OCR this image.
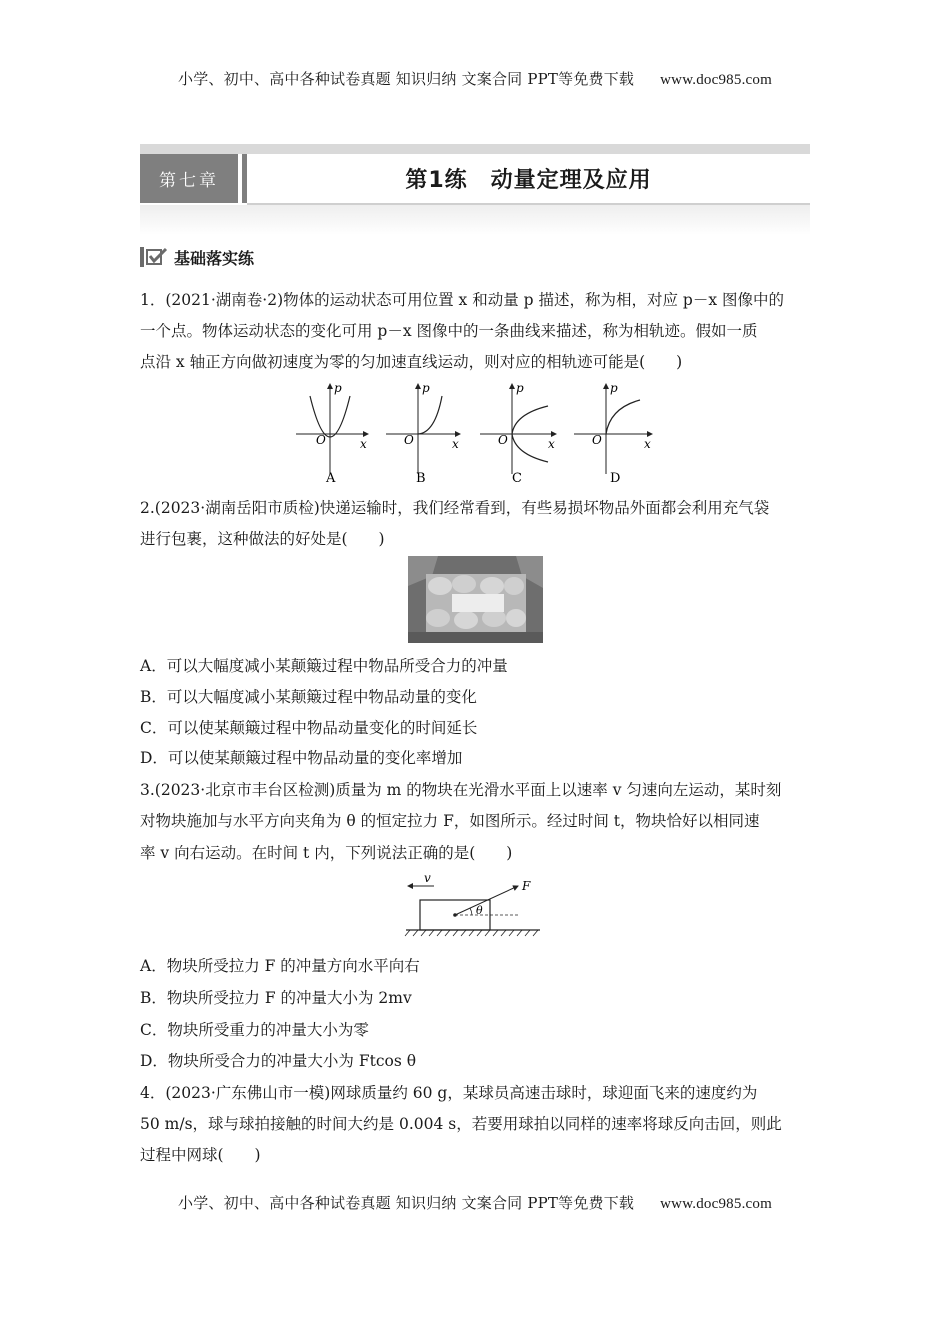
小学、初中、高中各种试卷真题 知识归纳 文案合同 PPT等免费下载 www.doc985.com
第七章	第1练　动量定理及应用
基础落实练
1．(2021·湖南卷·2)物体的运动状态可用位置 x 和动量 p 描述，称为相，对应 p－x 图像中的
一个点。物体运动状态的变化可用 p－x 图像中的一条曲线来描述，称为相轨迹。假如一质
点沿 x 轴正方向做初速度为零的匀加速直线运动，则对应的相轨迹可能是(　　)
O
p
x
A
O
p
x
B
O
p
x
C
O
p
x
D
2.(2023·湖南岳阳市质检)快递运输时，我们经常看到，有些易损坏物品外面都会利用充气袋
进行包裹，这种做法的好处是(　　)
A．可以大幅度减小某颠簸过程中物品所受合力的冲量
B．可以大幅度减小某颠簸过程中物品动量的变化
C．可以使某颠簸过程中物品动量变化的时间延长
D．可以使某颠簸过程中物品动量的变化率增加
3.(2023·北京市丰台区检测)质量为 m 的物块在光滑水平面上以速率 v 匀速向左运动，某时刻
对物块施加与水平方向夹角为 θ 的恒定拉力 F，如图所示。经过时间 t，物块恰好以相同速
率 v 向右运动。在时间 t 内，下列说法正确的是(　　)
v
θ
F
A．物块所受拉力 F 的冲量方向水平向右
B．物块所受拉力 F 的冲量大小为 2mv
C．物块所受重力的冲量大小为零
D．物块所受合力的冲量大小为 Ftcos θ
4．(2023·广东佛山市一模)网球质量约 60 g，某球员高速击球时，球迎面飞来的速度约为
50 m/s，球与球拍接触的时间大约是 0.004 s，若要用球拍以同样的速率将球反向击回，则此
过程中网球(　　)
小学、初中、高中各种试卷真题 知识归纳 文案合同 PPT等免费下载 www.doc985.com
